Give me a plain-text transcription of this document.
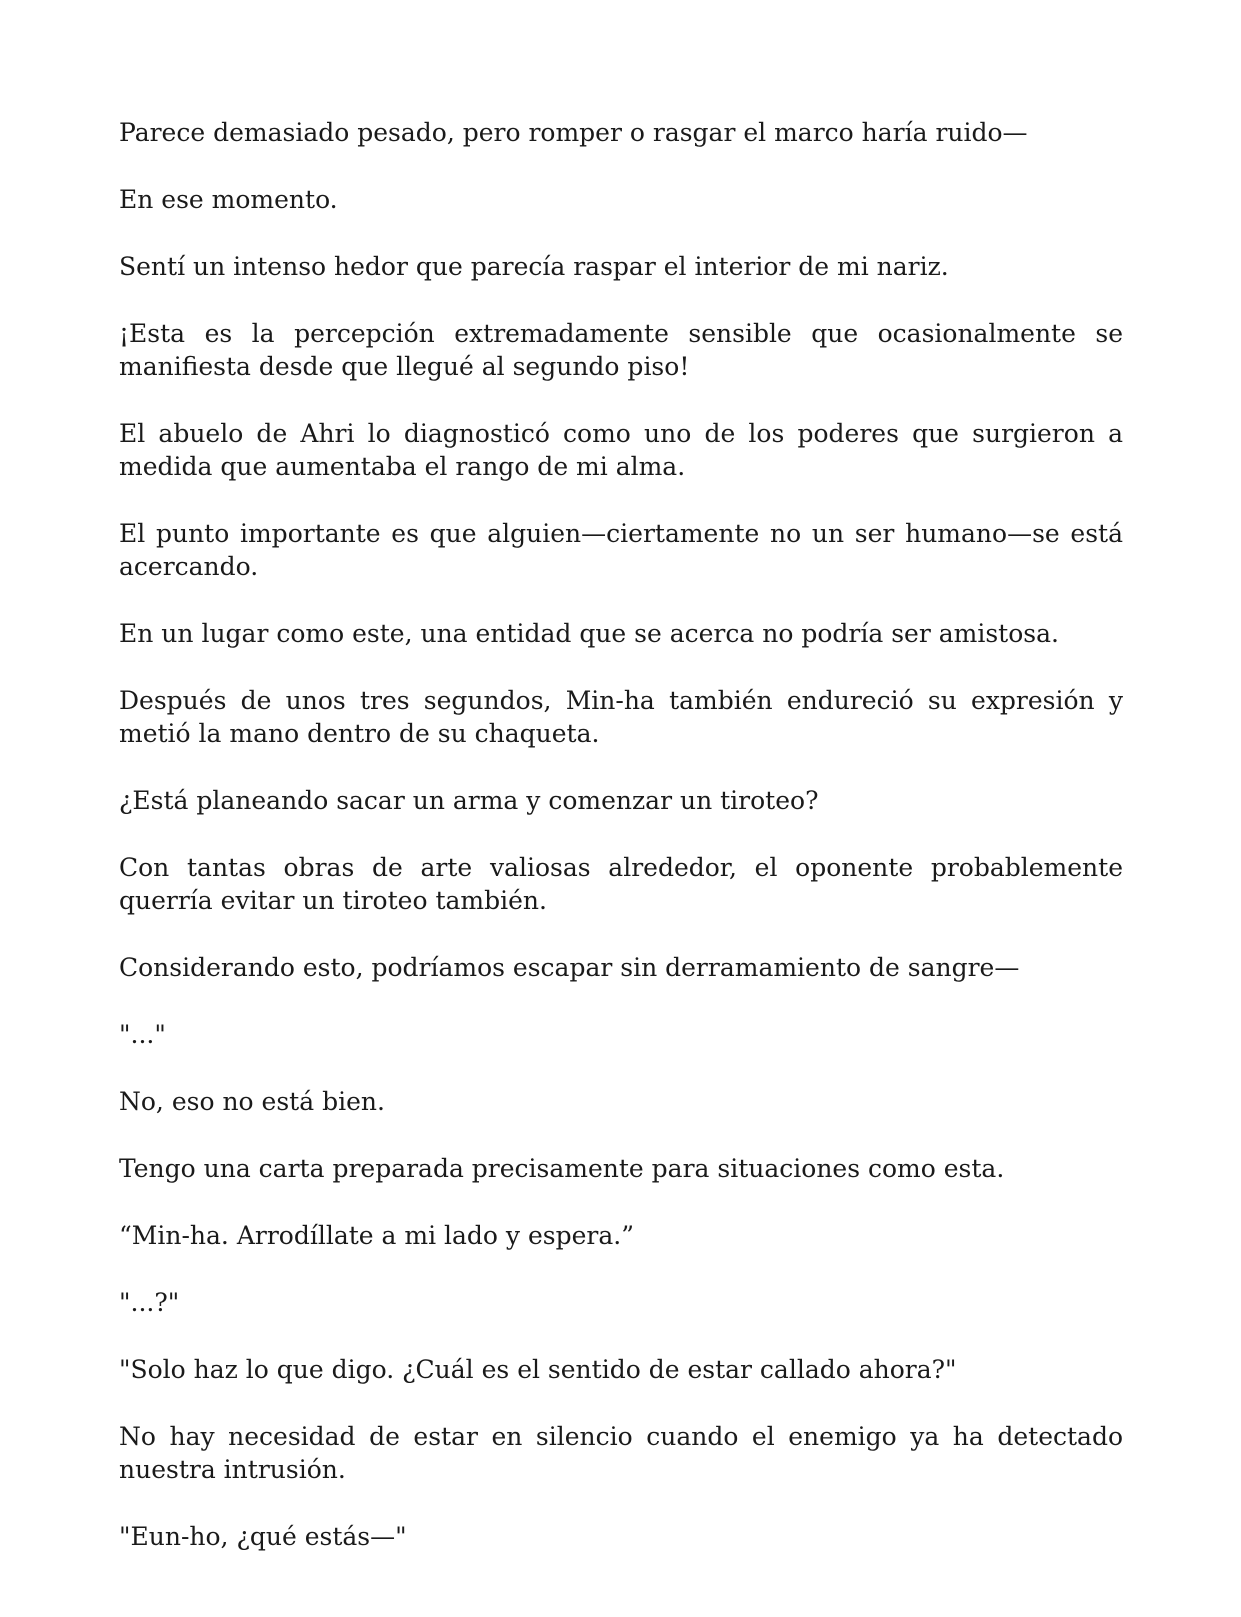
Parece demasiado pesado, pero romper o rasgar el marco haría ruido—

En ese momento.

Sentí un intenso hedor que parecía raspar el interior de mi nariz.

¡Esta es la percepción extremadamente sensible que ocasionalmente se manifiesta desde que llegué al segundo piso!

El abuelo de Ahri lo diagnosticó como uno de los poderes que surgieron a medida que aumentaba el rango de mi alma.

El punto importante es que alguien—ciertamente no un ser humano—se está acercando.

En un lugar como este, una entidad que se acerca no podría ser amistosa.

Después de unos tres segundos, Min-ha también endureció su expresión y metió la mano dentro de su chaqueta.

¿Está planeando sacar un arma y comenzar un tiroteo?

Con tantas obras de arte valiosas alrededor, el oponente probablemente querría evitar un tiroteo también.

Considerando esto, podríamos escapar sin derramamiento de sangre—

"..."

No, eso no está bien.

Tengo una carta preparada precisamente para situaciones como esta.

“Min-ha. Arrodíllate a mi lado y espera.”

"...?"

"Solo haz lo que digo. ¿Cuál es el sentido de estar callado ahora?"

No hay necesidad de estar en silencio cuando el enemigo ya ha detectado nuestra intrusión.

"Eun-ho, ¿qué estás—"
